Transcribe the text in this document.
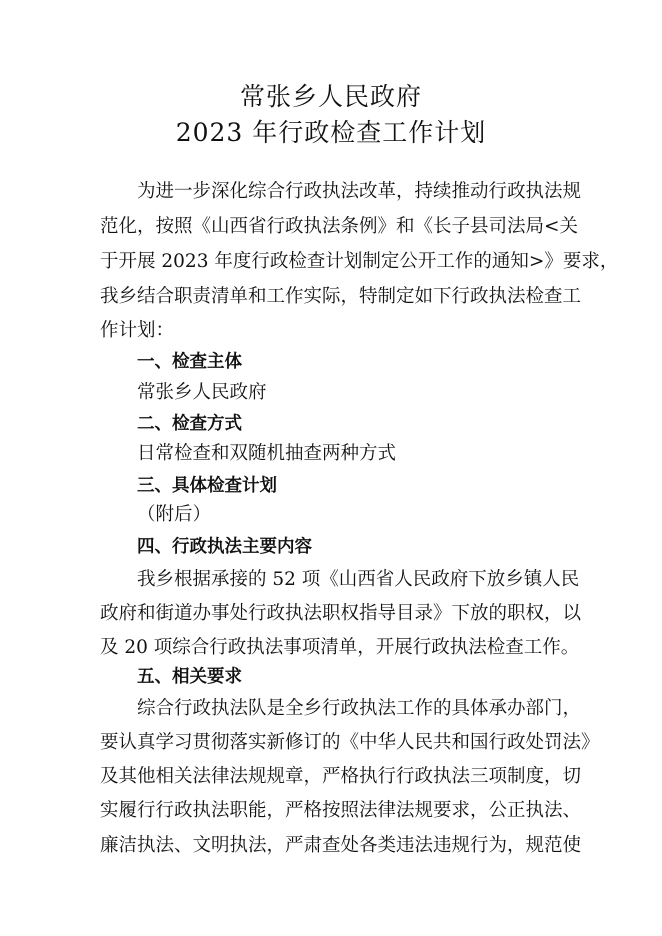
常张乡人民政府
2023 年行政检查工作计划
为进一步深化综合行政执法改革，持续推动行政执法规
范化，按照《山西省行政执法条例》和《长子县司法局<关
于开展 2023 年度行政检查计划制定公开工作的通知>》要求，
我乡结合职责清单和工作实际，特制定如下行政执法检查工
作计划：
一、检查主体
常张乡人民政府
二、检查方式
日常检查和双随机抽查两种方式
三、具体检查计划
（附后）
四、行政执法主要内容
我乡根据承接的 52 项《山西省人民政府下放乡镇人民
政府和街道办事处行政执法职权指导目录》下放的职权，以
及 20 项综合行政执法事项清单，开展行政执法检查工作。
五、相关要求
综合行政执法队是全乡行政执法工作的具体承办部门，
要认真学习贯彻落实新修订的《中华人民共和国行政处罚法》
及其他相关法律法规规章，严格执行行政执法三项制度，切
实履行行政执法职能，严格按照法律法规要求，公正执法、
廉洁执法、文明执法，严肃查处各类违法违规行为，规范使
